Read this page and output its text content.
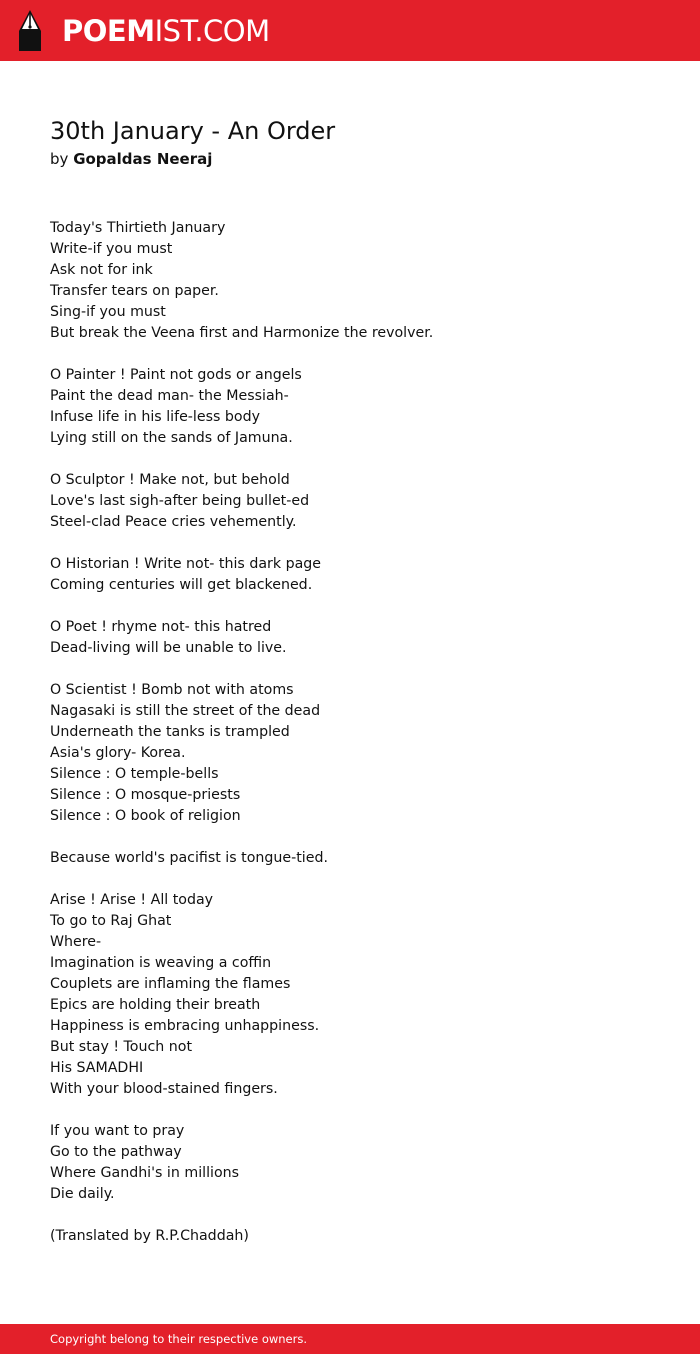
POEMIST.COM
30th January - An Order

by Gopaldas Neeraj

Today's Thirtieth January
Write-if you must
Ask not for ink
Transfer tears on paper.
Sing-if you must
But break the Veena first and Harmonize the revolver.
O Painter ! Paint not gods or angels
Paint the dead man- the Messiah-
Infuse life in his life-less body
Lying still on the sands of Jamuna.
O Sculptor ! Make not, but behold
Love's last sigh-after being bullet-ed
Steel-clad Peace cries vehemently.
O Historian ! Write not- this dark page
Coming centuries will get blackened.
O Poet ! rhyme not- this hatred
Dead-living will be unable to live.
O Scientist ! Bomb not with atoms
Nagasaki is still the street of the dead
Underneath the tanks is trampled
Asia's glory- Korea.
Silence : O temple-bells
Silence : O mosque-priests
Silence : O book of religion
Because world's pacifist is tongue-tied.
Arise ! Arise ! All today
To go to Raj Ghat
Where-
Imagination is weaving a coffin
Couplets are inflaming the flames
Epics are holding their breath
Happiness is embracing unhappiness.
But stay ! Touch not
His SAMADHI
With your blood-stained fingers.
If you want to pray
Go to the pathway
Where Gandhi's in millions
Die daily.
(Translated by R.P.Chaddah)
Copyright belong to their respective owners.
